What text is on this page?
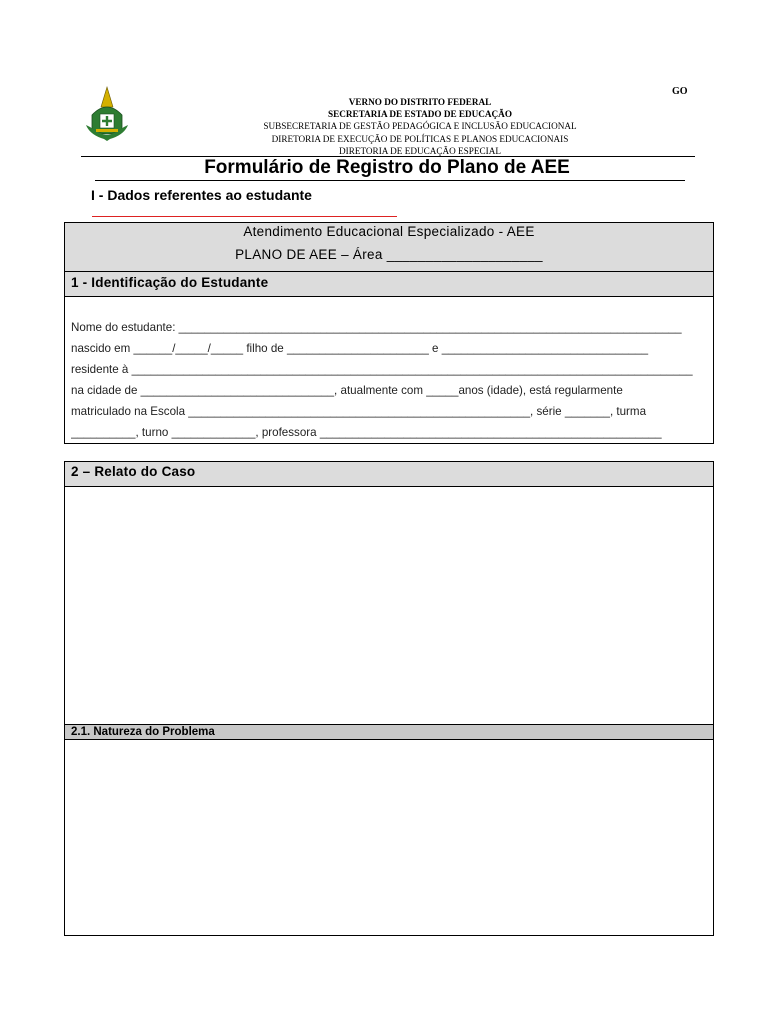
GO
VERNO DO DISTRITO FEDERAL
SECRETARIA DE ESTADO DE EDUCAÇÃO
SUBSECRETARIA DE GESTÃO PEDAGÓGICA E INCLUSÃO EDUCACIONAL
DIRETORIA DE EXECUÇÃO DE POLÍTICAS E PLANOS EDUCACIONAIS
DIRETORIA DE EDUCAÇÃO ESPECIAL
Formulário de Registro do Plano de AEE
I - Dados referentes ao estudante
Atendimento Educacional Especializado - AEE
PLANO DE AEE – Área ____________________
1 - Identificação do Estudante
Nome do estudante: ______________________________________________________________________________
nascido em ______/_____/_____ filho de ______________________ e ________________________________
residente à _______________________________________________________________________________________
na cidade de ______________________________, atualmente com _____anos (idade), está regularmente
matriculado na Escola _____________________________________________________, série _______, turma
__________, turno _____________, professora _____________________________________________________
2 – Relato do Caso
2.1. Natureza do Problema
